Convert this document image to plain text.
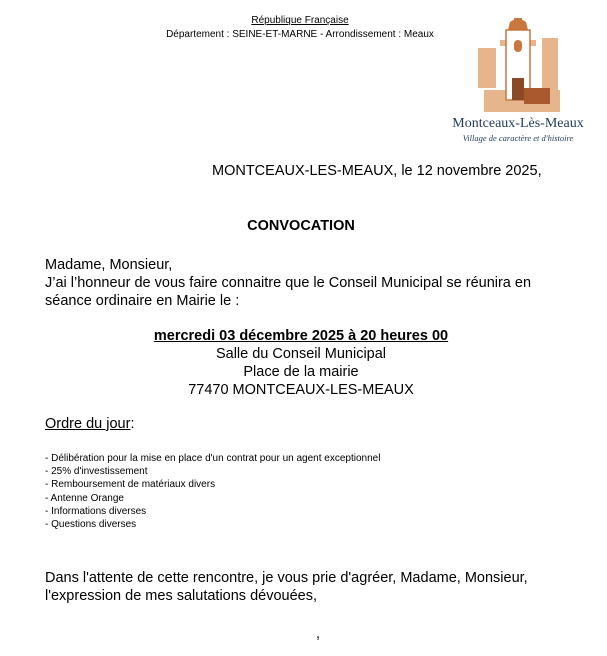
République Française
Département : SEINE-ET-MARNE - Arrondissement : Meaux
Montceaux-Lès-Meaux
Village de caractère et d'histoire
MONTCEAUX-LES-MEAUX, le 12 novembre 2025,
CONVOCATION
Madame, Monsieur,
J’ai l’honneur de vous faire connaitre que le Conseil Municipal se réunira en
séance ordinaire en Mairie le :
mercredi 03 décembre 2025 à 20 heures 00
Salle du Conseil Municipal
Place de la mairie
77470 MONTCEAUX-LES-MEAUX
Ordre du jour:
- Délibération pour la mise en place d'un contrat pour un agent exceptionnel
- 25% d'investissement
- Remboursement de matériaux divers
- Antenne Orange
- Informations diverses
- Questions diverses
Dans l'attente de cette rencontre, je vous prie d'agréer, Madame, Monsieur,
l'expression de mes salutations dévouées,
,
